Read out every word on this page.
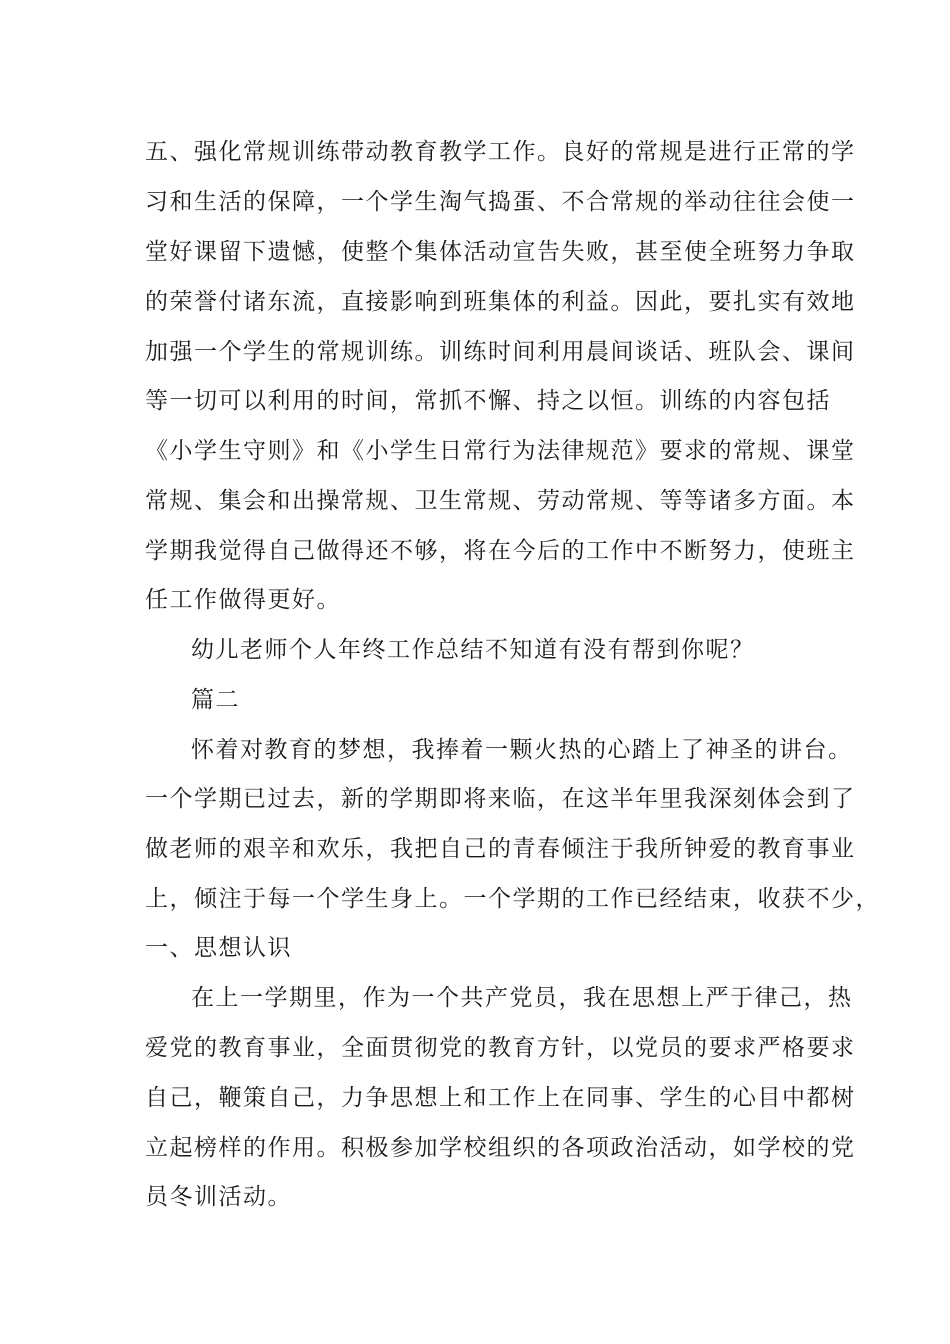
五、强化常规训练带动教育教学工作。良好的常规是进行正常的学

习和生活的保障，一个学生淘气捣蛋、不合常规的举动往往会使一

堂好课留下遗憾，使整个集体活动宣告失败，甚至使全班努力争取

的荣誉付诸东流，直接影响到班集体的利益。因此，要扎实有效地

加强一个学生的常规训练。训练时间利用晨间谈话、班队会、课间

等一切可以利用的时间，常抓不懈、持之以恒。训练的内容包括

《小学生守则》和《小学生日常行为法律规范》要求的常规、课堂

常规、集会和出操常规、卫生常规、劳动常规、等等诸多方面。本

学期我觉得自己做得还不够，将在今后的工作中不断努力，使班主

任工作做得更好。

幼儿老师个人年终工作总结不知道有没有帮到你呢？

篇二

怀着对教育的梦想，我捧着一颗火热的心踏上了神圣的讲台。

一个学期已过去，新的学期即将来临，在这半年里我深刻体会到了

做老师的艰辛和欢乐，我把自己的青春倾注于我所钟爱的教育事业

上，倾注于每一个学生身上。一个学期的工作已经结束，收获不少，

一、思想认识

在上一学期里，作为一个共产党员，我在思想上严于律己，热

爱党的教育事业，全面贯彻党的教育方针，以党员的要求严格要求

自己，鞭策自己，力争思想上和工作上在同事、学生的心目中都树

立起榜样的作用。积极参加学校组织的各项政治活动，如学校的党

员冬训活动。
